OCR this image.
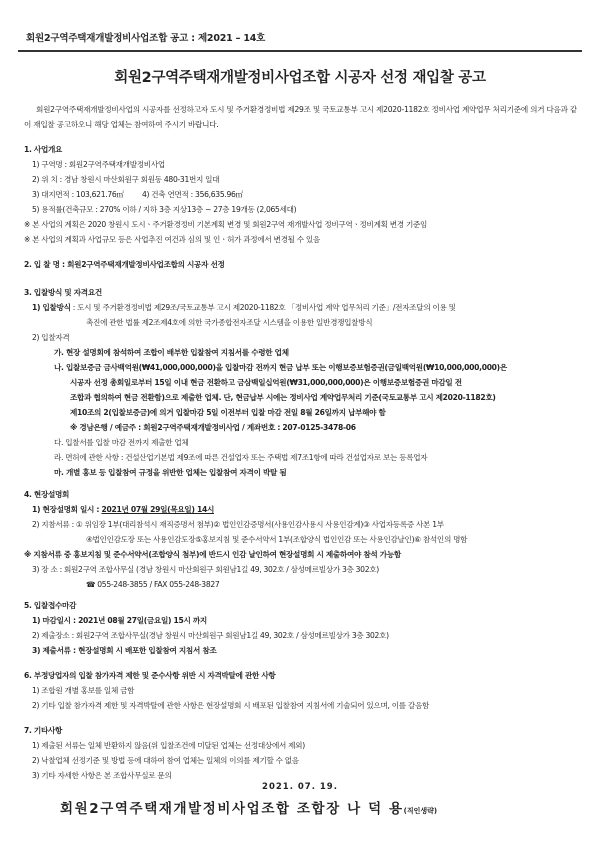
회원2구역주택재개발정비사업조합 공고 : 제2021 – 14호
회원2구역주택재개발정비사업조합 시공자 선정 재입찰 공고
회원2구역주택재개발정비사업의 시공자를 선정하고자 도시 및 주거환경정비법 제29조 및 국토교통부 고시 제2020-1182호 정비사업 계약업무 처리기준에 의거 다음과 같이 재입찰 공고하오니 해당 업체는 참여하여 주시기 바랍니다.
1. 사업개요
1) 구역명 : 회원2구역주택재개발정비사업
2) 위 치 : 경남 창원시 마산회원구 회원동 480-31번지 일대
3) 대지면적 : 103,621.76㎡ 4) 건축 연면적 : 356,635.96㎡
5) 용적률(건축규모 : 270% 이하 / 지하 3층 지상13층 ~ 27층 19개동 (2,065세대)
※ 본 사업의 계획은 2020 창원시 도시ㆍ주거환경정비 기본계획 변경 및 회원2구역 재개발사업 정비구역ㆍ정비계획 변경 기준임
※ 본 사업의 계획과 사업규모 등은 사업추진 여건과 심의 및 인ㆍ허가 과정에서 변경될 수 있음
2. 입 찰 명 : 회원2구역주택재개발정비사업조합의 시공자 선정
3. 입찰방식 및 자격요건
1) 입찰방식 : 도시 및 주거환경정비법 제29조/국토교통부 고시 제2020-1182호 「정비사업 계약 업무처리 기준」/전자조달의 이용 및
촉진에 관한 법률 제2조제4호에 의한 국가종합전자조달 시스템을 이용한 일반경쟁입찰방식
2) 입찰자격
가. 현장 설명회에 참석하여 조합이 배부한 입찰참여 지침서를 수령한 업체
나. 입찰보증금 금사백억원(₩41,000,000,000)을 입찰마감 전까지 현금 납부 또는 이행보증보험증권(금일백억원(₩10,000,000,000)은
시공자 선정 총회일로부터 15일 이내 현금 전환하고 금삼백일십억원(₩31,000,000,000)은 이행보증보험증권 마감일 전
조합과 협의하여 현금 전환함)으로 제출한 업체. 단, 현금납부 시에는 정비사업 계약업무처리 기준(국토교통부 고시 제2020-1182호)
제10조의 2(입찰보증금)에 의거 입찰마감 5일 이전부터 입찰 마감 전일 8월 26일까지 납부해야 함
※ 경남은행 / 예금주 : 회원2구역주택재개발정비사업 / 계좌번호 : 207-0125-3478-06
다. 입찰서를 입찰 마감 전까지 제출한 업체
라. 면허에 관한 사항 : 건설산업기본법 제9조에 따른 건설업자 또는 주택법 제7조1항에 따라 건설업자로 보는 등록업자
마. 개별 홍보 등 입찰참여 규정을 위반한 업체는 입찰참여 자격이 박탈 됨
4. 현장설명회
1) 현장설명회 일시 : 2021년 07월 29일(목요일) 14시
2) 지참서류 : ① 위임장 1부(대리참석시 재직증명서 첨부)② 법인인감증명서(사용인감사용시 사용인감계)③ 사업자등록증 사본 1부
④법인인감도장 또는 사용인감도장⑤홍보지침 및 준수서약서 1부(조합양식 법인인감 또는 사용인감날인)⑥ 참석인의 명함
※ 지참서류 중 홍보지침 및 준수서약서(조합양식 첨부)에 반드시 인감 날인하여 현장설명회 시 제출하여야 참석 가능함
3) 장 소 : 회원2구역 조합사무실 (경남 창원시 마산회원구 회원남1길 49, 302호 / 삼성메르빌상가 3층 302호)
☎ 055-248-3855 / FAX 055-248-3827
5. 입찰접수마감
1) 마감일시 : 2021년 08월 27일(금요일) 15시 까지
2) 제출장소 : 회원2구역 조합사무실(경남 창원시 마산회원구 회원남1길 49, 302호 / 삼성메르빌상가 3층 302호)
3) 제출서류 : 현장설명회 시 배포한 입찰참여 지침서 참조
6. 부정당업자의 입찰 참가자격 제한 및 준수사항 위반 시 자격박탈에 관한 사항
1) 조합원 개별 홍보를 일체 금함
2) 기타 입찰 참가자격 제한 및 자격박탈에 관한 사항은 현장설명회 시 배포된 입찰참여 지침서에 기술되어 있으며, 이를 갈음함
7. 기타사항
1) 제출된 서류는 일체 반환하지 않음(위 입찰조건에 미달된 업체는 선정대상에서 제외)
2) 낙찰업체 선정기준 및 방법 등에 대하여 참여 업체는 일체의 이의를 제기할 수 없음
3) 기타 자세한 사항은 본 조합사무실로 문의
2021. 07. 19.
회원2구역주택재개발정비사업조합 조합장 나 덕 용(직인생략)
